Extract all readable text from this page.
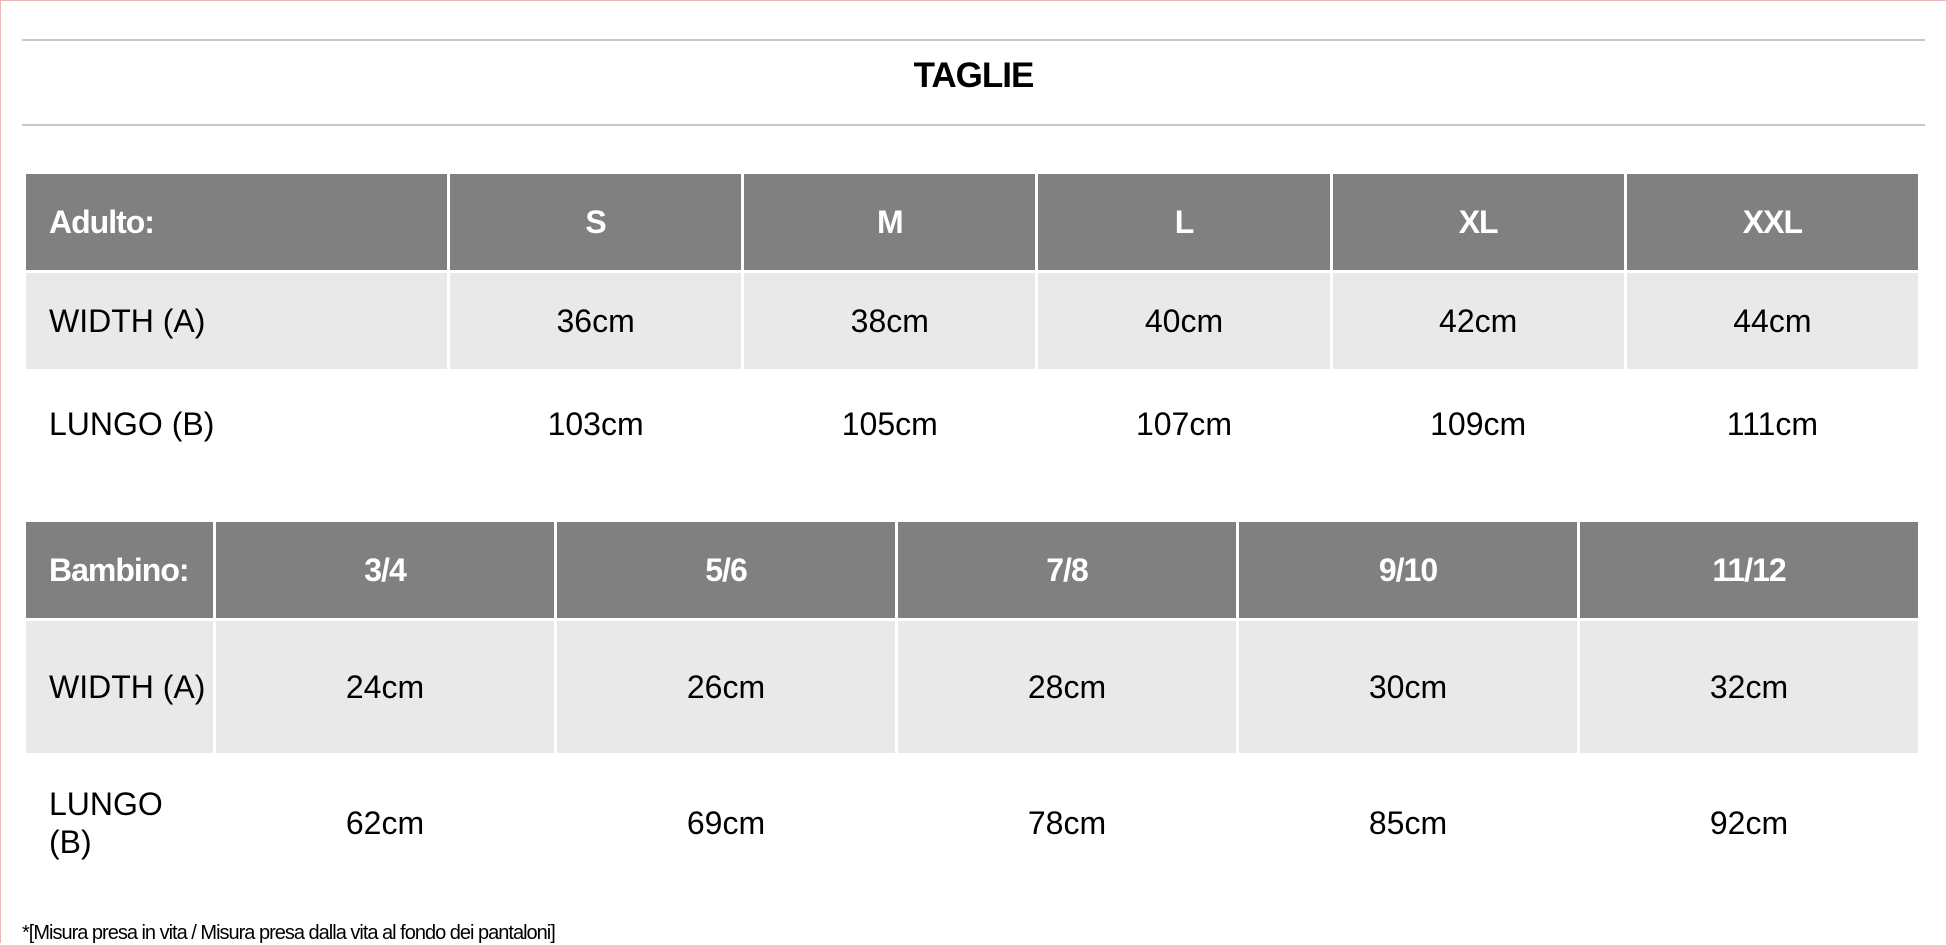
TAGLIE
Adulto:	S	M	L	XL	XXL
WIDTH (A)	36cm	38cm	40cm	42cm	44cm
LUNGO (B)	103cm	105cm	107cm	109cm	111cm
Bambino:	3/4	5/6	7/8	9/10	11/12
WIDTH (A)	24cm	26cm	28cm	30cm	32cm
LUNGO (B)	62cm	69cm	78cm	85cm	92cm
*[Misura presa in vita / Misura presa dalla vita al fondo dei pantaloni]
